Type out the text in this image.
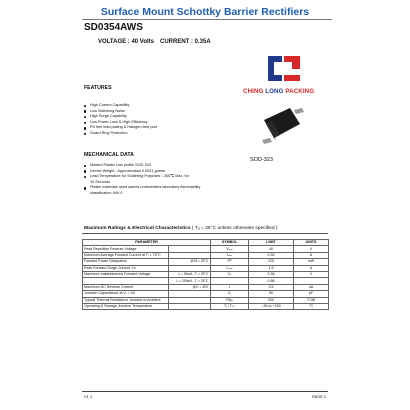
Surface Mount Schottky Barrier Rectifiers
SD0354AWS
VOLTAGE : 40 Volts CURRENT : 0.35A
CHING LONG PACKING
FEATURES
High Current Capability
Low Switching Noise
High Surge Capability
Low Power Loss & High Efficiency
Pd free lead plating & Halogen-free part
Guard Ring Protection
SOD-323
MECHANICAL DATA
Molded Plastic Low profile SOD-323
Device Weight : Approximated 0.0041 grams
Lead Temperature for Soldering Purposes : 260℃ Max. for
10 Seconds
Plastic materials used carries underwriters laboratory flammability
classification 94V-0
Maximum Ratings & Electrical Characteristics ( Tₐ = 25°C unless otherwise specified )
PARAMETER		SYMBOL	LIMIT	UNITS
Peak Repetitive Reverse Voltage		Vᵣᵣₘ	40	V
Maximum Average Forward Current at Tₗ = 75°C		Iₒₐᵥ	0.35	A
Forward Power Dissipation	@TA = 25°C	Pᵈ	225	mW
Peak Forward Surge Current, 1s		Iₒₛₘ	1.5	A
Maximum Instantaneous Forward Voltage	Iₒ = 50mA , Tₗ = 25°C	Vₒ	0.38	V
	Iₒ = 200mA , Tₗ = 25°C		0.58	
Maximum DC Reverse Current	@Vᵣ = 30V	Iᵣ	3.5	uA
Junction Capacitance at Vᵣ = 0V		Cⱼ	50	pF
Typical Thermal Resistance Junction to Ambient		Rθⱼₐ	300	°C/W
Operating & Storage Junction Temperature		Tⱼ / Tₛₜₗ	- 55 to +150	°C
V1.1	PAGE.1
